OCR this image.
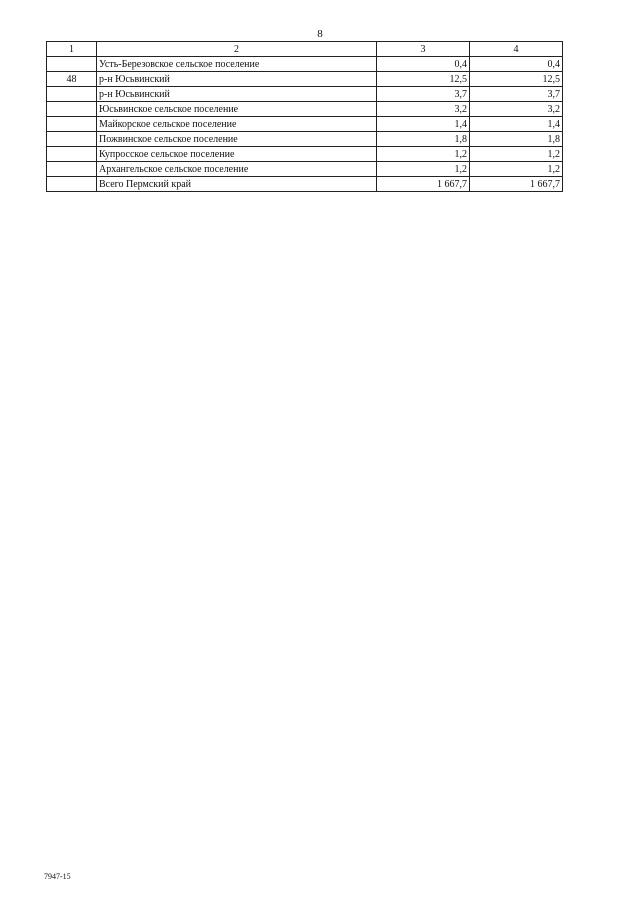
8
1	2	3	4
	Усть-Березовское сельское поселение	0,4	0,4
48	р-н Юсьвинский	12,5	12,5
	р-н Юсьвинский	3,7	3,7
	Юсьвинское сельское поселение	3,2	3,2
	Майкорское сельское поселение	1,4	1,4
	Пожвинское сельское поселение	1,8	1,8
	Купросское сельское поселение	1,2	1,2
	Архангельское сельское поселение	1,2	1,2
	Всего Пермский край	1 667,7	1 667,7
7947-15
